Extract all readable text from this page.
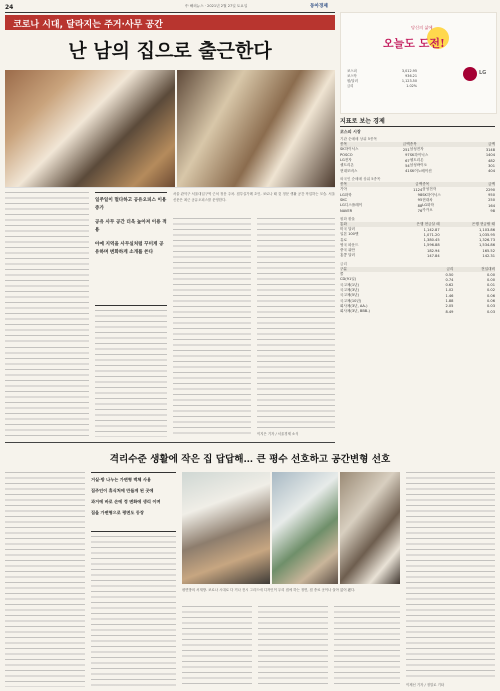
24	中 해외뉴스 · 2021년 2월 27일 토요일	동아경제
코로나 시대, 달라지는 주거·사무 공간
난 남의 집으로 출근한다
일주일이 멀다하고 공유오피스 이용 증가
공유 사무 공간 더욱 높아져 이용 적용
아예 지역을 사무실처럼 꾸미게 공유하며 변화하게 소개를 쓴다

서울 관악구 서울대입구역 근처 정문 주차. 집투실가례 초인. 코로나 때 것 정문 생활 공간 작업하는 모습. 서울신문은 최근 공유오피스를 운영한다.

이지은 기자 / 서울경제 소식
당신의 삶에
오늘도 도전!
LG
코스피	3,012.95
코스닥	936.21
원/달러	1,123.50
금리	1.02%
지표로 보는 경제
코스피 시장
기관 순매매 상위 5종목
종목	금액	종목	금액
SK하이닉스	251	삼성전자	3148
POSCO	97	SK하이닉스	1404
LG전자	67	셀트리온	482
셀트리온	54	삼성바이오	301
현대모비스	41	SK이노베이션	404
외국인 순매매 상위 5종목
종목	금액	종목	금액
기아	1124	삼성전자	2290
LG화학	98	SK하이닉스	950
SKC	95	현대차	250
LG디스플레이	88	LG화학	164
NAVER	76	카카오	98
원화 환율
통화	은행 현금살 때	은행 현금팔 때
미국 달러	1,142.87	1,103.86
일본 100엔	1,071.20	1,035.95
유로	1,380.45	1,326.73
영국 파운드	1,596.88	1,534.86
중국 위안	182.94	165.52
홍콩 달러	147.84	142.31
금리
구분	금리	전일대비
콜	0.50	0.00
CD(91일)	0.74	0.00
국고채(1년)	0.62	0.01
국고채(3년)	1.02	0.02
국고채(5년)	1.46	0.06
국고채(10년)	1.88	0.06
회사채(3년, AA-)	2.05	0.03
회사채(3년, BBB-)	8.49	0.03
격리수준 생활에 작은 집 답답해… 큰 평수 선호하고 공간변형 선호
거실·방 나누는 가변형 벽체 사용
집주인이 휴식처에 만들게 된 곳에
과거에 바로 손에 정 변화에 생리 이며
집을 가변형으로 평면도 등장

평면방의 서재방. 코로나 시대로 다 거나 전시 그리드에 디자인이 우리 집에 하는 정면, 집 종료 곳이나 살아 없어 됐다.

이제선 기자 / 정말로 기타
